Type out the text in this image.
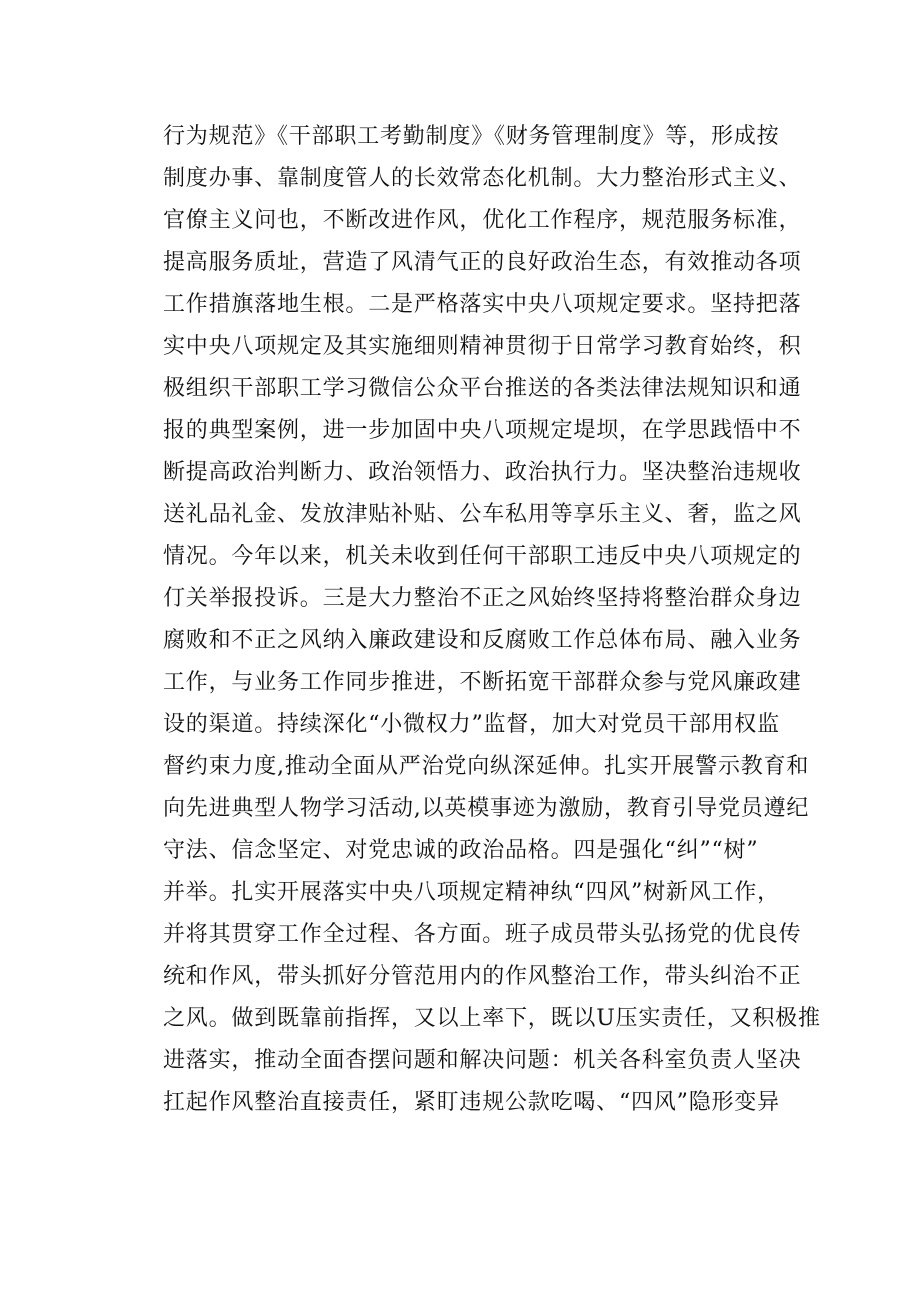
行为规范》《干部职工考勤制度》《财务管理制度》等，形成按
制度办事、靠制度管人的长效常态化机制。大力整治形式主义、
官僚主义问也，不断改进作风，优化工作程序，规范服务标准，
提高服务质址，营造了风清气正的良好政治生态，有效推动各项
工作措旗落地生根。二是严格落实中央八项规定要求。坚持把落
实中央八项规定及其实施细则精神贯彻于日常学习教育始终，积
极组织干部职工学习微信公众平台推送的各类法律法规知识和通
报的典型案例，进一步加固中央八项规定堤坝，在学思践悟中不
断提高政治判断力、政治领悟力、政治执行力。坚决整治违规收
送礼品礼金、发放津贴补贴、公车私用等享乐主义、奢，监之风
情况。今年以来，机关未收到任何干部职工违反中央八项规定的
仃关举报投诉。三是大力整治不正之风始终坚持将整治群众身边
腐败和不正之风纳入廉政建设和反腐败工作总体布局、融入业务
工作，与业务工作同步推进，不断拓宽干部群众参与党风廉政建
设的渠道。持续深化“小微权力”监督，加大对党员干部用权监
督约束力度,推动全面从严治党向纵深延伸。扎实开展警示教育和
向先进典型人物学习活动,以英模事迹为激励，教育引导党员遵纪
守法、信念坚定、对党忠诚的政治品格。四是强化“纠”“树”
并举。扎实开展落实中央八项规定精神纨“四风”树新风工作，
并将其贯穿工作全过程、各方面。班子成员带头弘扬党的优良传
统和作风，带头抓好分管范用内的作风整治工作，带头纠治不正
之风。做到既靠前指挥，又以上率下，既以U压实责任，又积极推
进落实，推动全面杳摆问题和解决问题：机关各科室负责人坚决
扛起作风整治直接责任，紧盯违规公款吃喝、“四风”隐形变异
